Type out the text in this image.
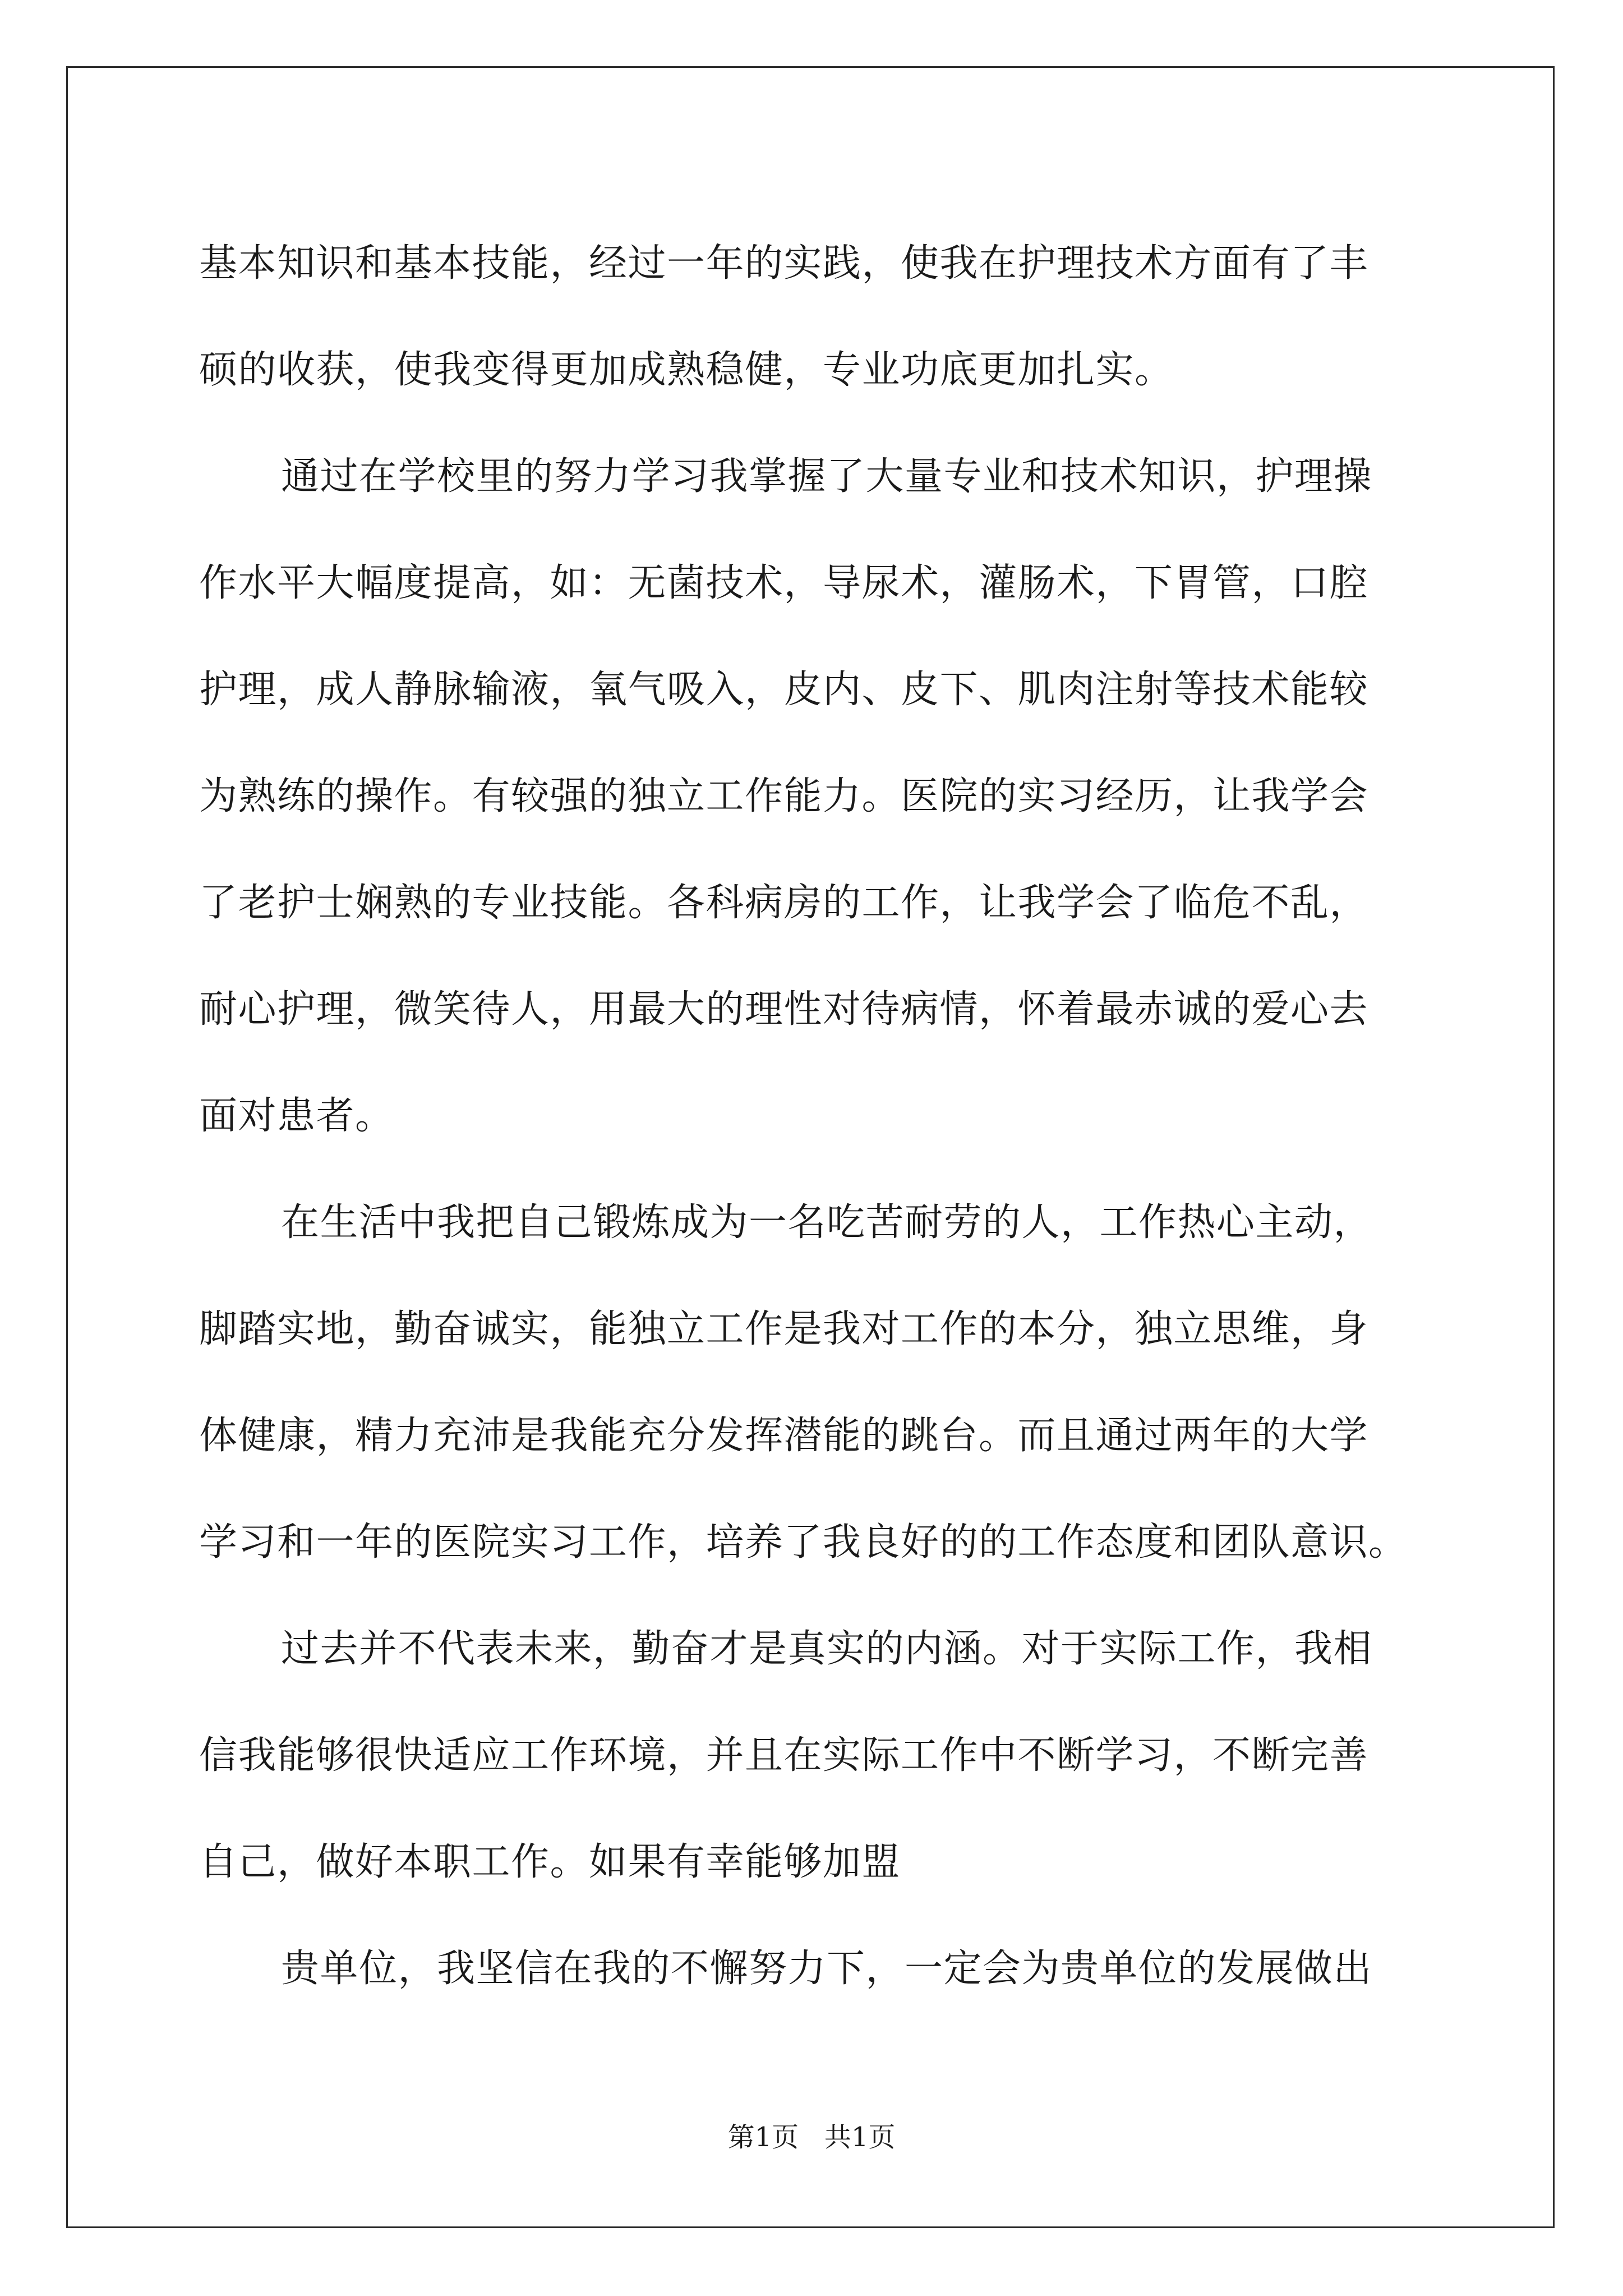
基本知识和基本技能，经过一年的实践，使我在护理技术方面有了丰
硕的收获，使我变得更加成熟稳健，专业功底更加扎实。
通过在学校里的努力学习我掌握了大量专业和技术知识，护理操
作水平大幅度提高，如：无菌技术，导尿术，灌肠术，下胃管，口腔
护理，成人静脉输液，氧气吸入，皮内、皮下、肌肉注射等技术能较
为熟练的操作。有较强的独立工作能力。医院的实习经历，让我学会
了老护士娴熟的专业技能。各科病房的工作，让我学会了临危不乱，
耐心护理，微笑待人，用最大的理性对待病情，怀着最赤诚的爱心去
面对患者。
在生活中我把自己锻炼成为一名吃苦耐劳的人，工作热心主动，
脚踏实地，勤奋诚实，能独立工作是我对工作的本分，独立思维，身
体健康，精力充沛是我能充分发挥潜能的跳台。而且通过两年的大学
学习和一年的医院实习工作，培养了我良好的的工作态度和团队意识。
过去并不代表未来，勤奋才是真实的内涵。对于实际工作，我相
信我能够很快适应工作环境，并且在实际工作中不断学习，不断完善
自己，做好本职工作。如果有幸能够加盟
贵单位，我坚信在我的不懈努力下，一定会为贵单位的发展做出
第1页   共1页
